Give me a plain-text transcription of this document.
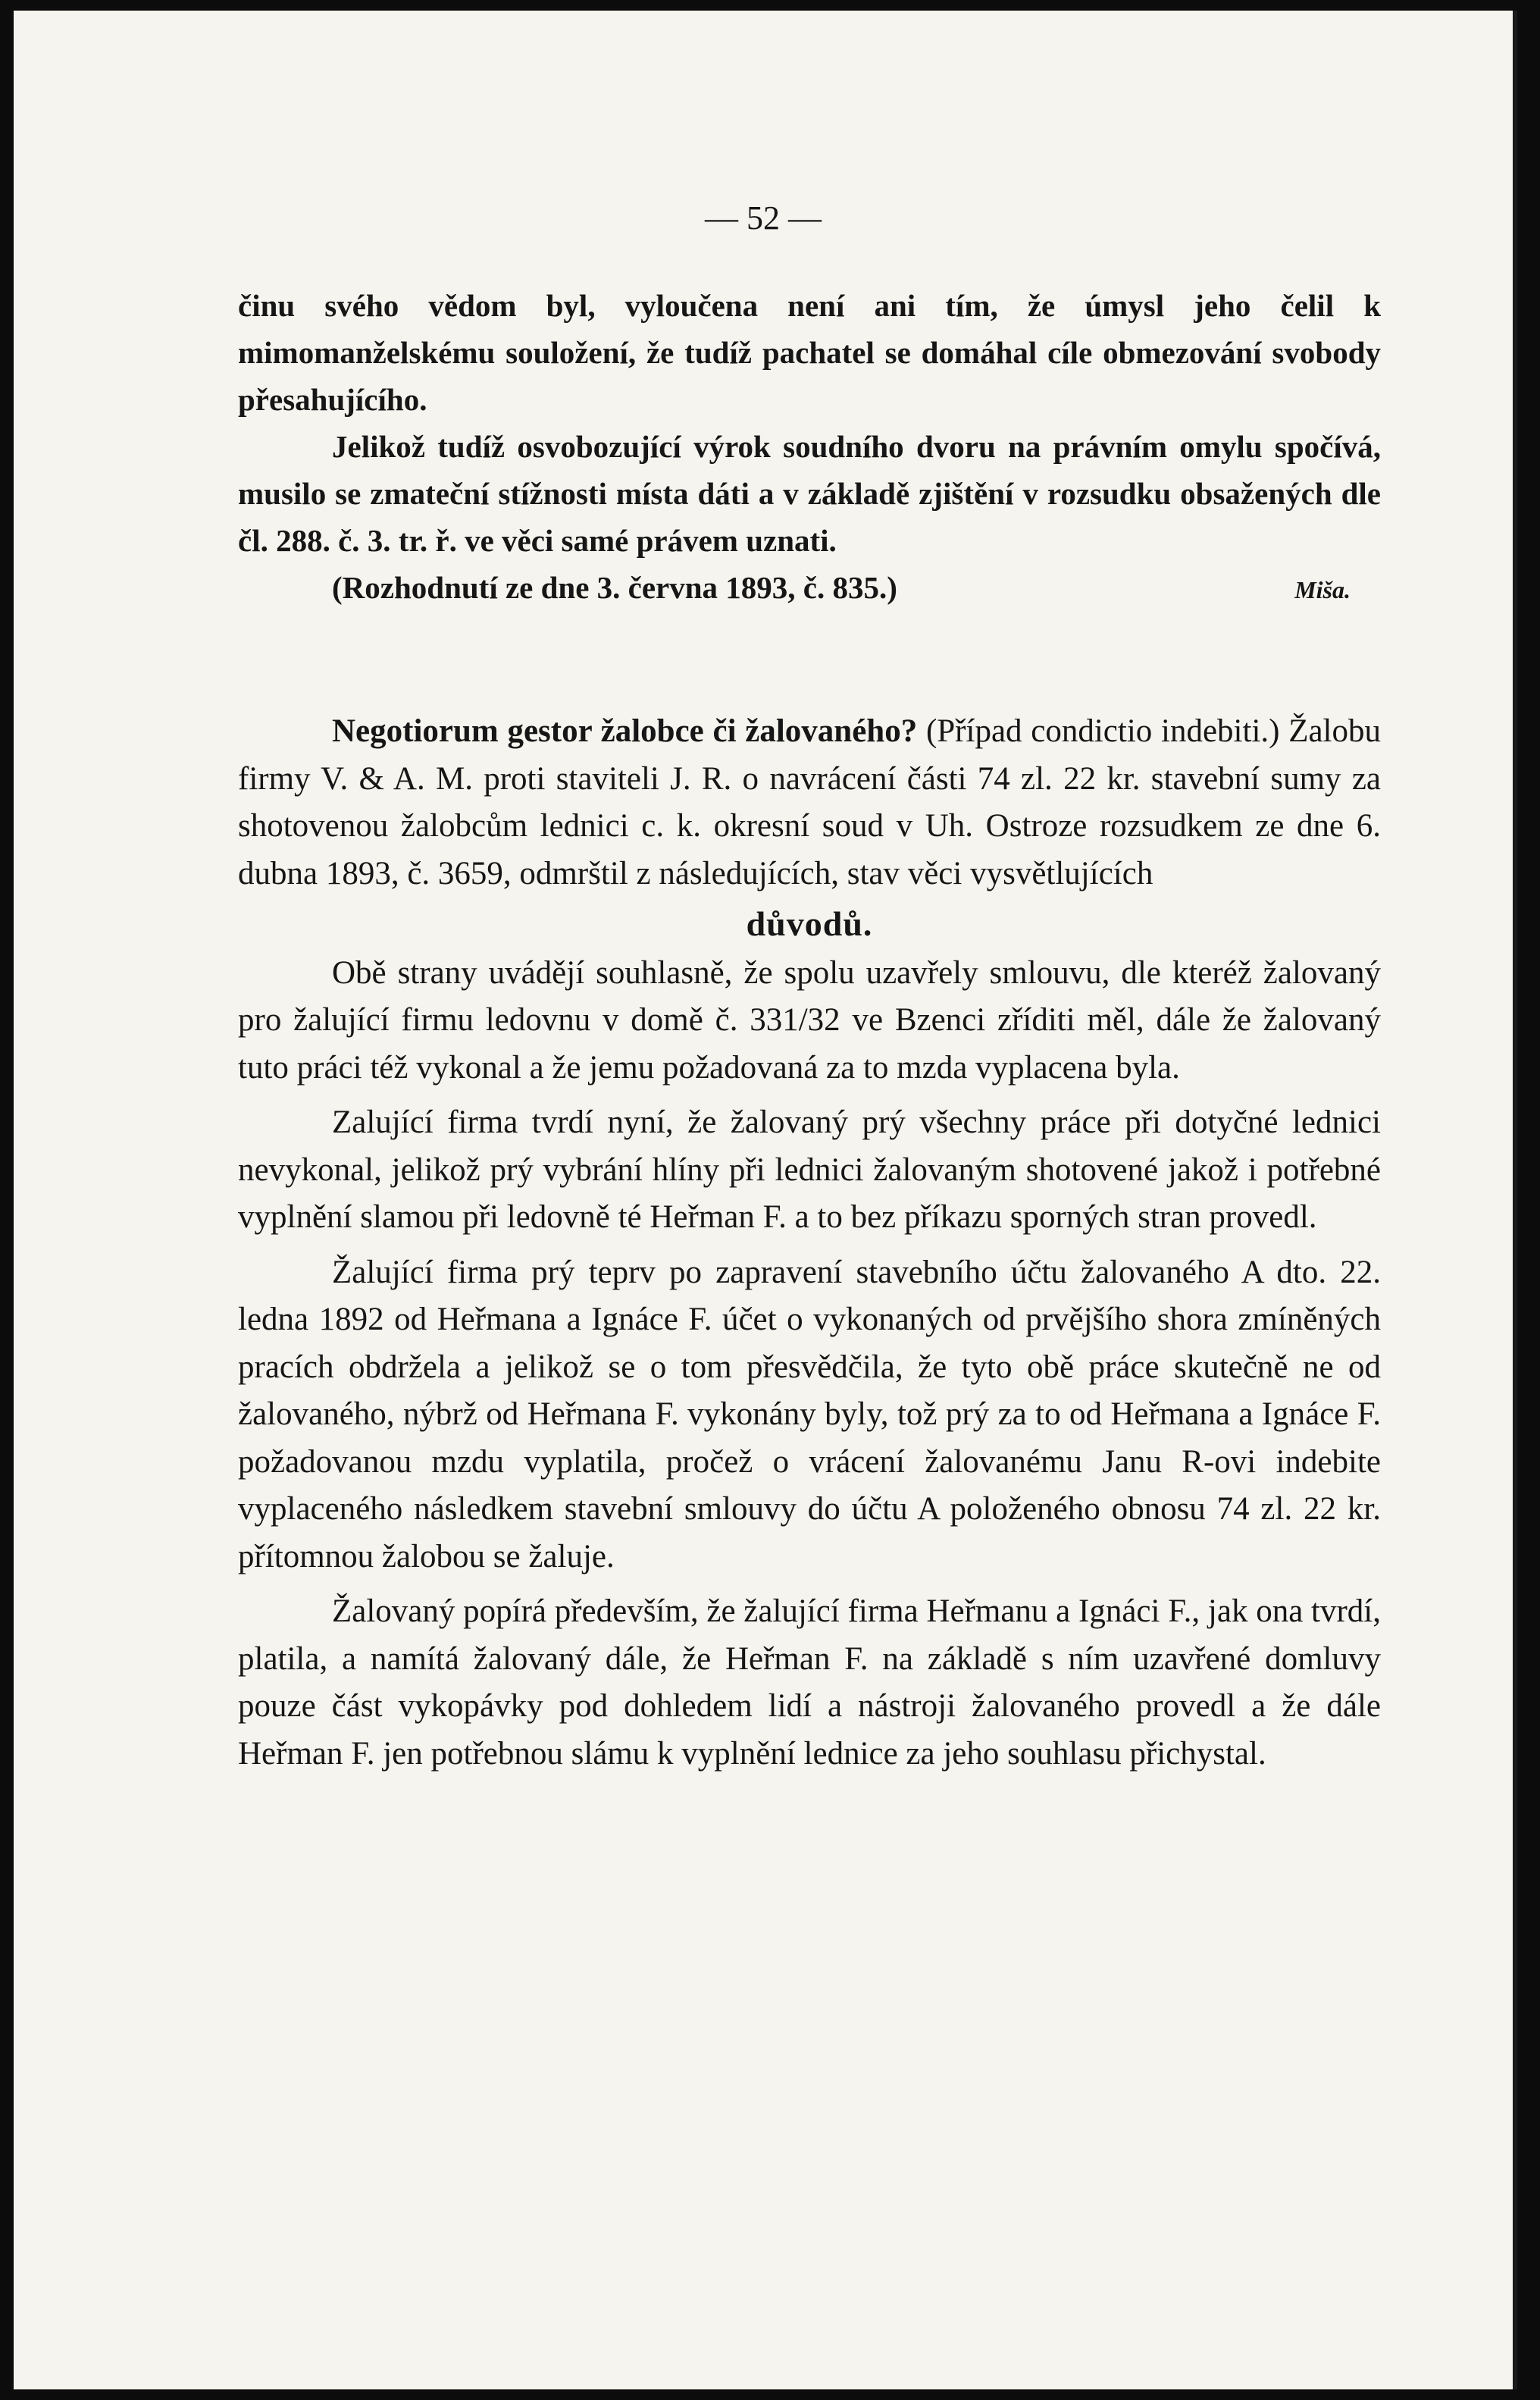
— 52 —

činu svého vědom byl, vyloučena není ani tím, že úmysl jeho čelil k mimomanželskému souložení, že tudíž pachatel se domáhal cíle obmezování svobody přesahujícího.

Jelikož tudíž osvobozující výrok soudního dvoru na právním omylu spočívá, musilo se zmateční stížnosti místa dáti a v základě zjištění v rozsudku obsažených dle čl. 288. č. 3. tr. ř. ve věci samé právem uznati.

(Rozhodnutí ze dne 3. června 1893, č. 835.)	Miša.

Negotiorum gestor žalobce či žalovaného? (Případ condictio indebiti.) Žalobu firmy V. & A. M. proti staviteli J. R. o navrácení části 74 zl. 22 kr. stavební sumy za shotovenou žalobcům lednici c. k. okresní soud v Uh. Ostroze rozsudkem ze dne 6. dubna 1893, č. 3659, odmrštil z následujících, stav věci vysvětlujících

důvodů.

Obě strany uvádějí souhlasně, že spolu uzavřely smlouvu, dle kteréž žalovaný pro žalující firmu ledovnu v domě č. 331/32 ve Bzenci zříditi měl, dále že žalovaný tuto práci též vykonal a že jemu požadovaná za to mzda vyplacena byla.

Zalující firma tvrdí nyní, že žalovaný prý všechny práce při dotyčné lednici nevykonal, jelikož prý vybrání hlíny při lednici žalovaným shotovené jakož i potřebné vyplnění slamou při ledovně té Heřman F. a to bez příkazu sporných stran provedl.

Žalující firma prý teprv po zapravení stavebního účtu žalovaného A dto. 22. ledna 1892 od Heřmana a Ignáce F. účet o vykonaných od prvějšího shora zmíněných pracích obdržela a jelikož se o tom přesvědčila, že tyto obě práce skutečně ne od žalovaného, nýbrž od Heřmana F. vykonány byly, tož prý za to od Heřmana a Ignáce F. požadovanou mzdu vyplatila, pročež o vrácení žalovanému Janu R-ovi indebite vyplaceného následkem stavební smlouvy do účtu A položeného obnosu 74 zl. 22 kr. přítomnou žalobou se žaluje.

Žalovaný popírá především, že žalující firma Heřmanu a Ignáci F., jak ona tvrdí, platila, a namítá žalovaný dále, že Heřman F. na základě s ním uzavřené domluvy pouze část vykopávky pod dohledem lidí a nástroji žalovaného provedl a že dále Heřman F. jen potřebnou slámu k vyplnění lednice za jeho souhlasu přichystal.
